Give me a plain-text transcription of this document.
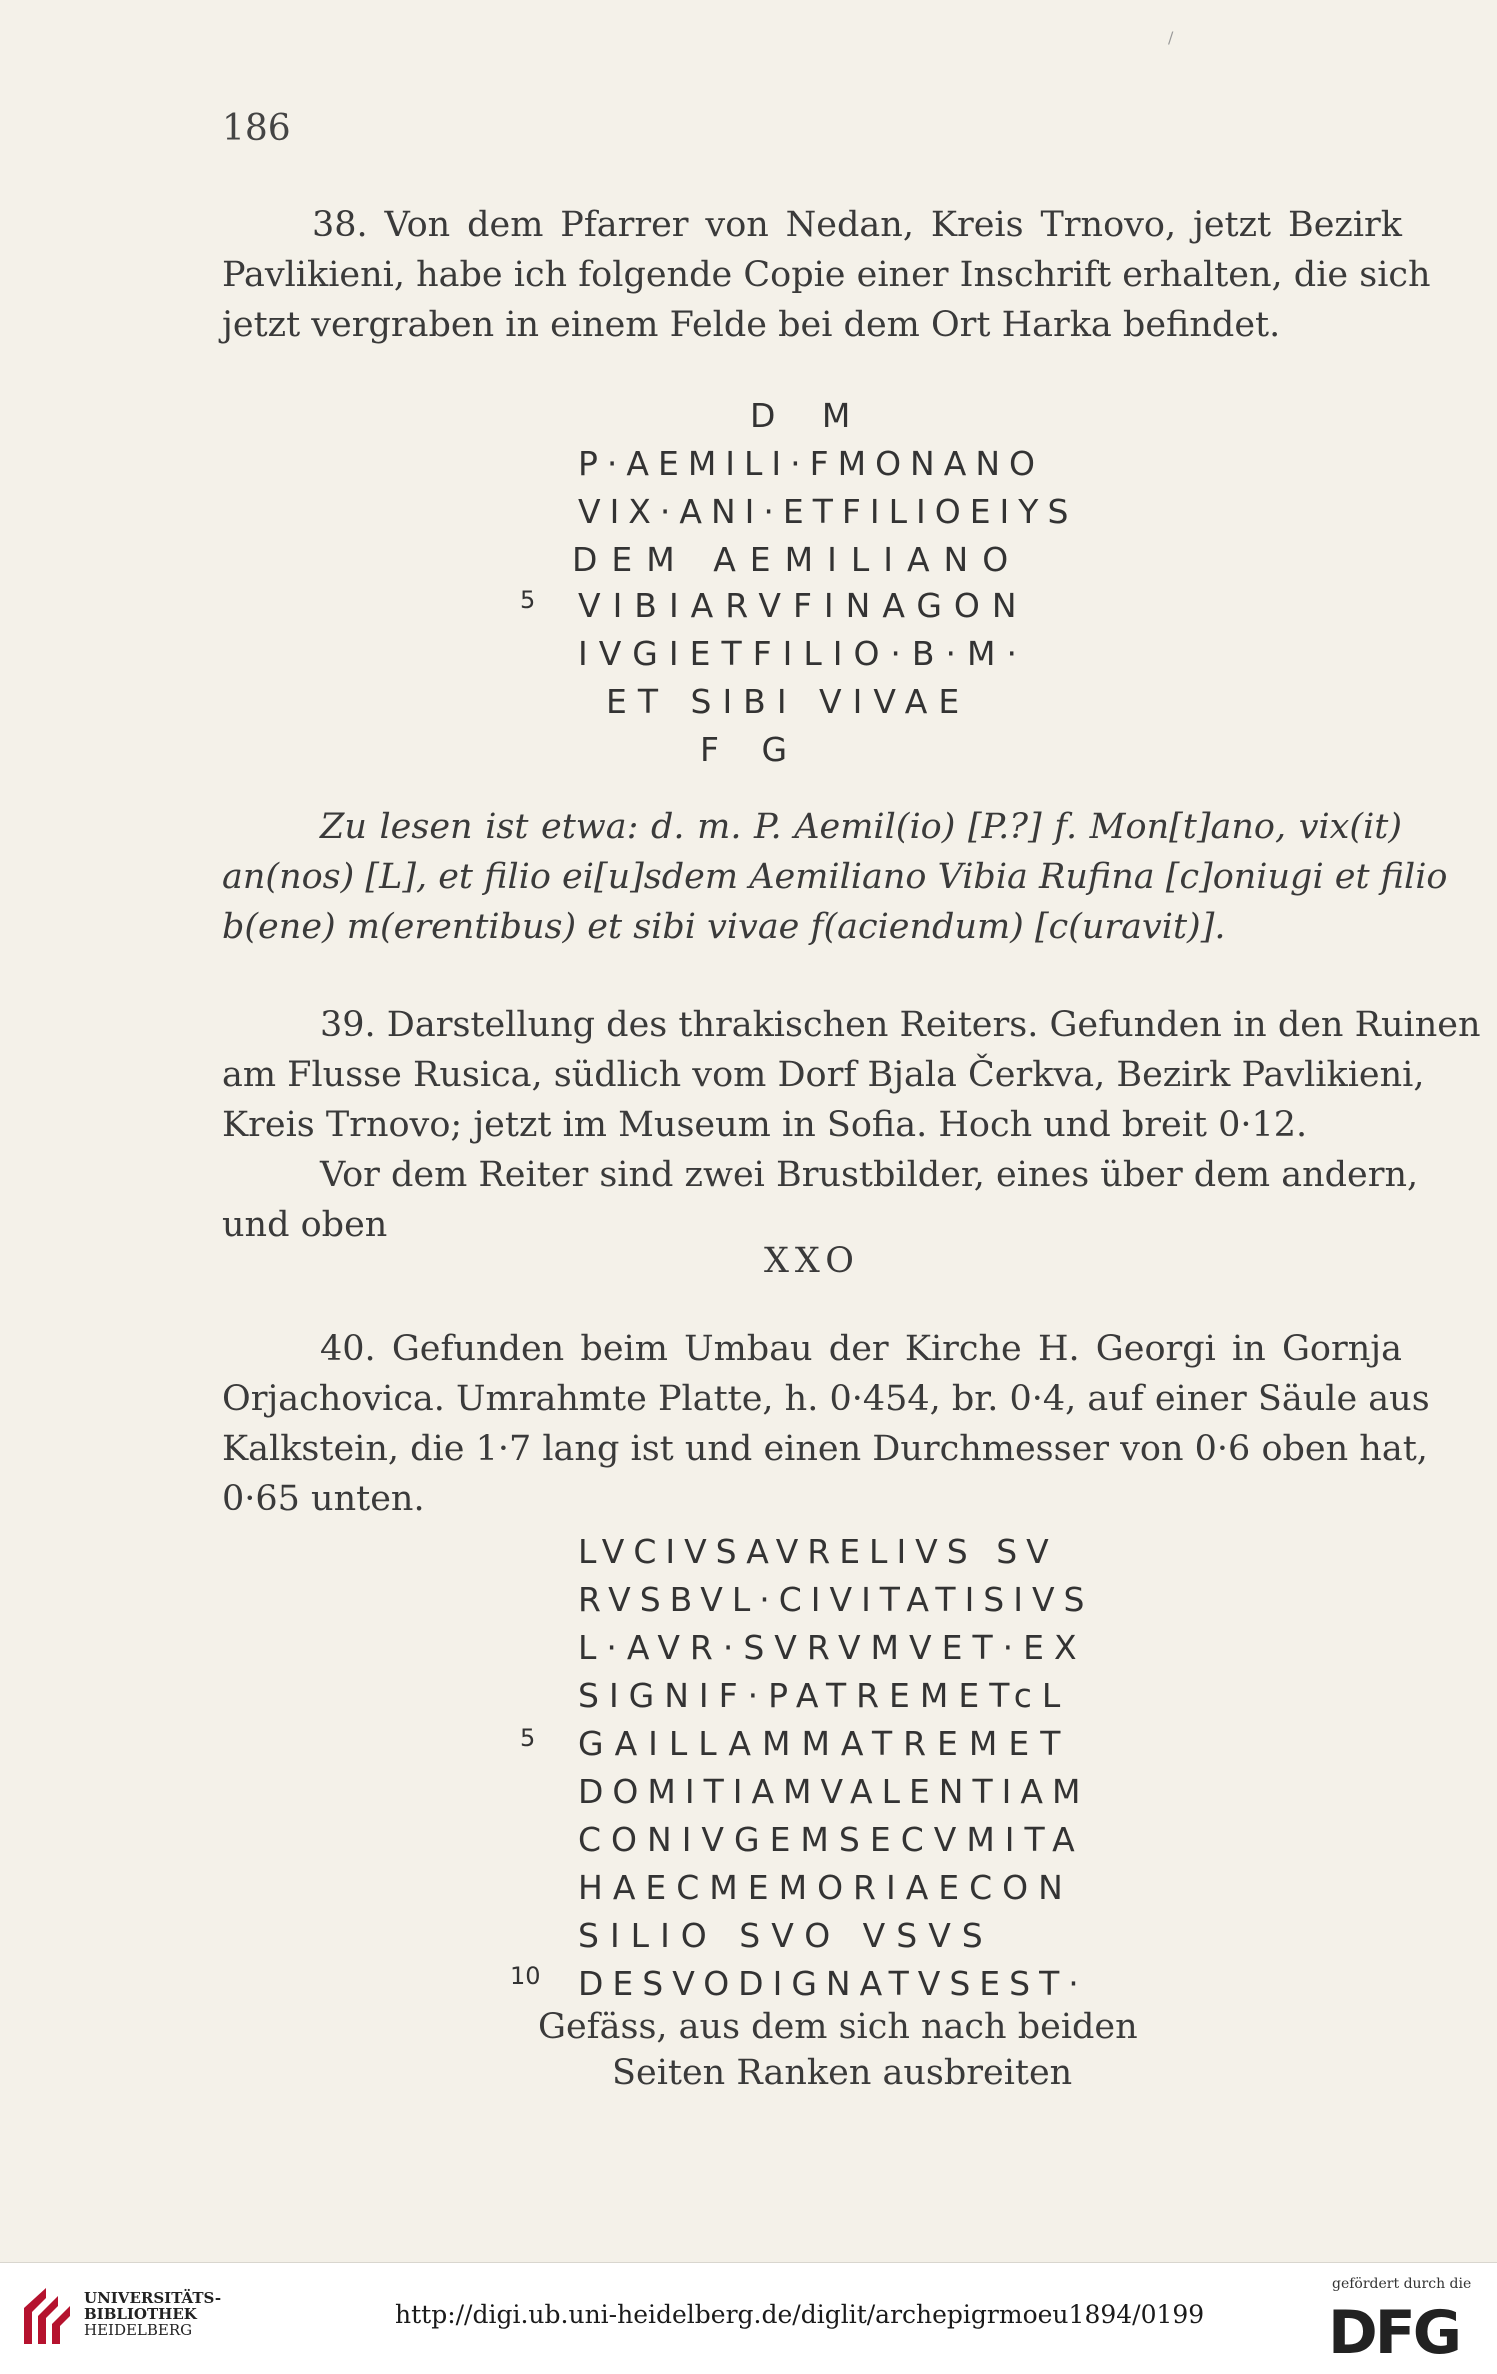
/
186
38. Von dem Pfarrer von Nedan, Kreis Trnovo, jetzt Bezirk
Pavlikieni, habe ich folgende Copie einer Inschrift erhalten, die sich
jetzt vergraben in einem Felde bei dem Ort Harka befindet.
D M
P·AEMILI·FMONANO
VIX·ANI·ETFILIOEIYS
DEM AEMILIANO
5 VIBIARVFINAGON
IVGIETFILIO·B·M·
ET SIBI VIVAE
F G
Zu lesen ist etwa: d. m. P. Aemil(io) [P.?] f. Mon[t]ano, vix(it)
an(nos) [L], et filio ei[u]sdem Aemiliano Vibia Rufina [c]oniugi et filio
b(ene) m(erentibus) et sibi vivae f(aciendum) [c(uravit)].
39. Darstellung des thrakischen Reiters. Gefunden in den Ruinen
am Flusse Rusica, südlich vom Dorf Bjala Čerkva, Bezirk Pavlikieni,
Kreis Trnovo; jetzt im Museum in Sofia. Hoch und breit 0·12.
Vor dem Reiter sind zwei Brustbilder, eines über dem andern,
und oben
XXO
40. Gefunden beim Umbau der Kirche H. Georgi in Gornja
Orjachovica. Umrahmte Platte, h. 0·454, br. 0·4, auf einer Säule aus
Kalkstein, die 1·7 lang ist und einen Durchmesser von 0·6 oben hat,
0·65 unten.
LVCIVSAVRELIVS SV
RVSBVL·CIVITATISIVS
L·AVR·SVRVMVET·EX
SIGNIF·PATREMETcL
5 GAILLAMMATREMET
DOMITIAMVALENTIAM
CONIVGEMSECVMITA
HAECMEMORIAECON
SILIO SVO VSVS
10 DESVODIGNATVSEST·
Gefäss, aus dem sich nach beiden
Seiten Ranken ausbreiten
UNIVERSITÄTS-
BIBLIOTHEK
HEIDELBERG
http://digi.ub.uni-heidelberg.de/diglit/archepigrmoeu1894/0199
gefördert durch die
DFG
